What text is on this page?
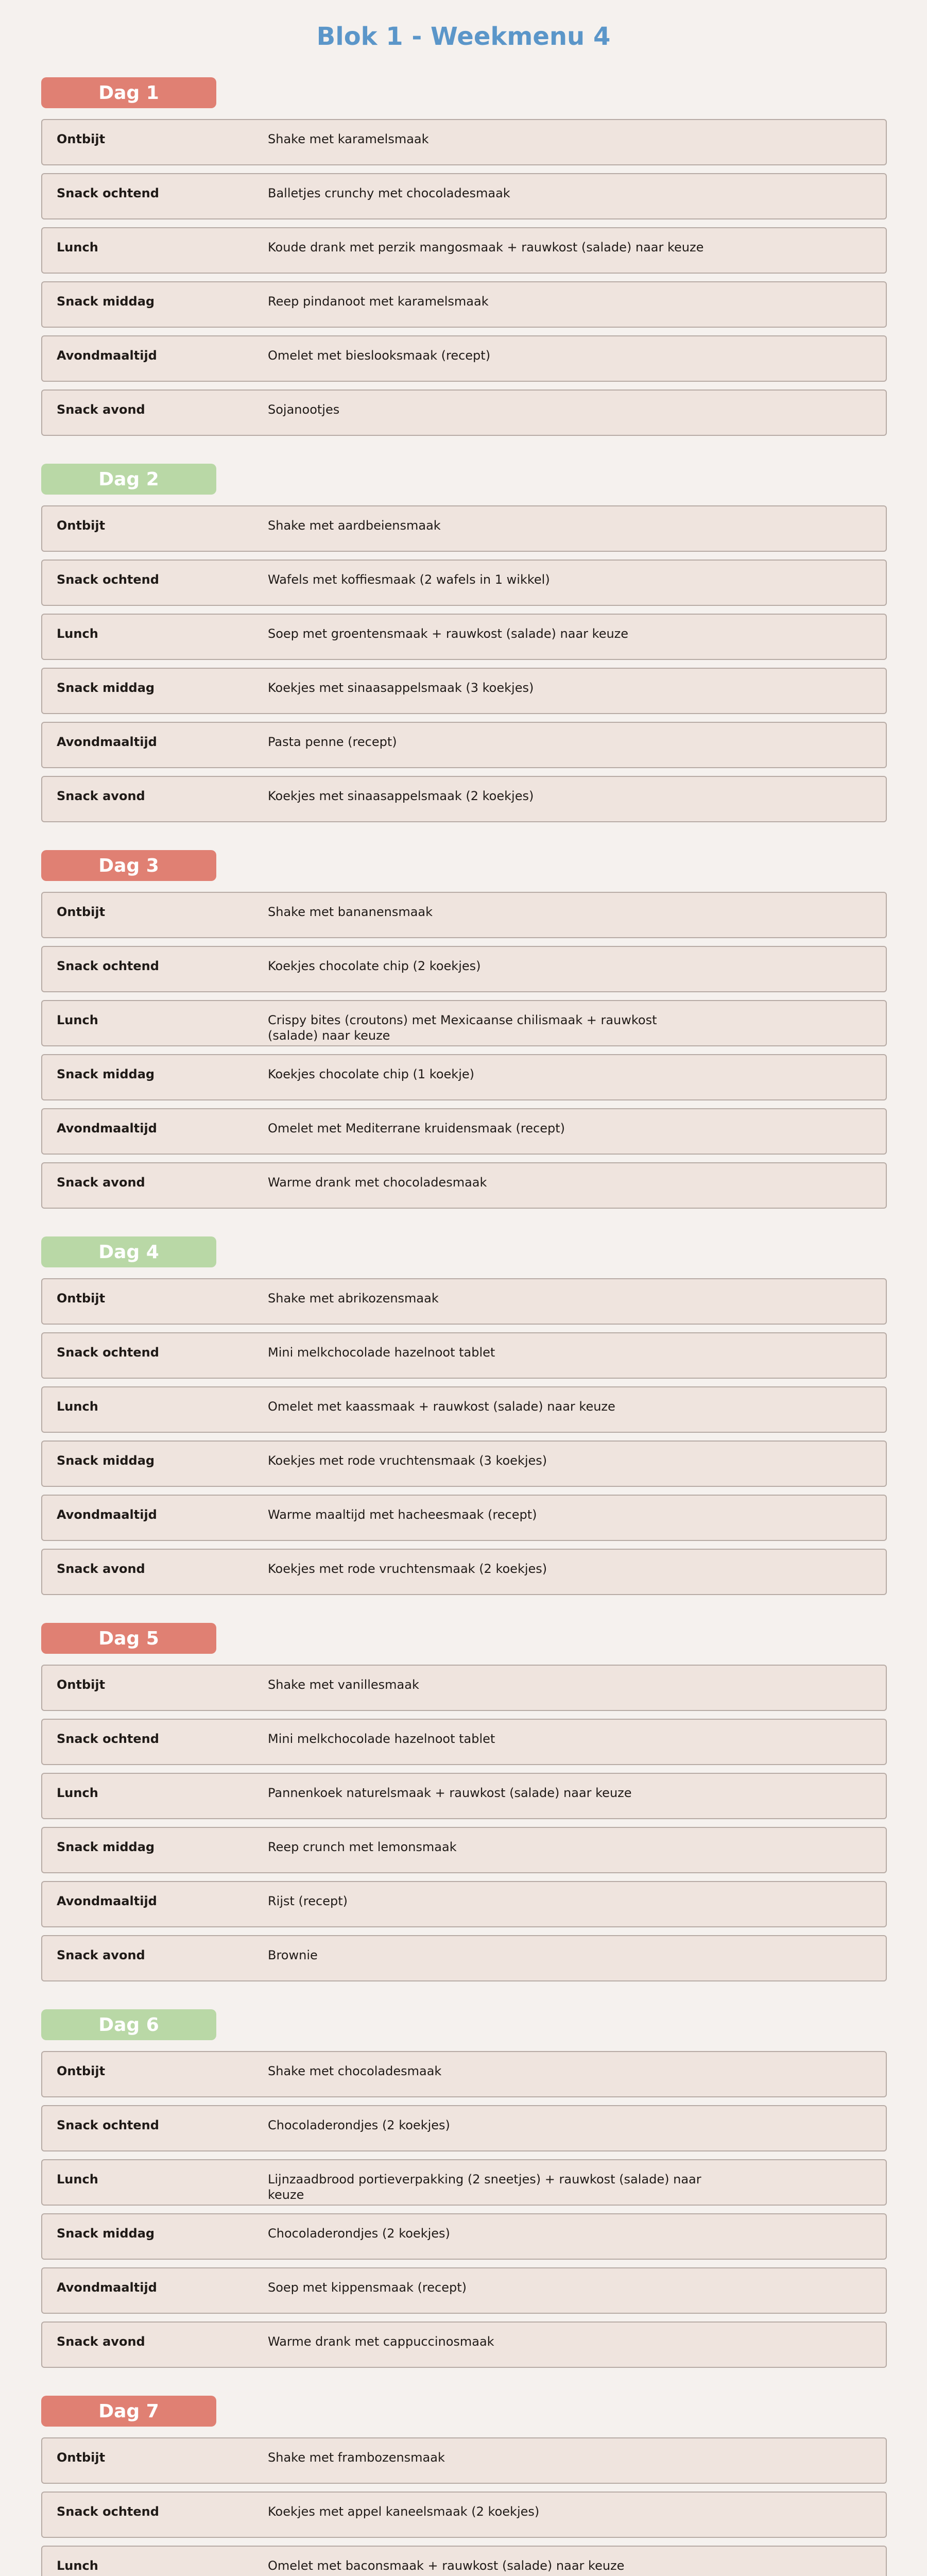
Blok 1 - Weekmenu 4
Dag 1
Ontbijt	Shake met karamelsmaak
Snack ochtend	Balletjes crunchy met chocoladesmaak
Lunch	Koude drank met perzik mangosmaak + rauwkost (salade) naar keuze
Snack middag	Reep pindanoot met karamelsmaak
Avondmaaltijd	Omelet met bieslooksmaak (recept)
Snack avond	Sojanootjes
Dag 2
Ontbijt	Shake met aardbeiensmaak
Snack ochtend	Wafels met koffiesmaak (2 wafels in 1 wikkel)
Lunch	Soep met groentensmaak + rauwkost (salade) naar keuze
Snack middag	Koekjes met sinaasappelsmaak (3 koekjes)
Avondmaaltijd	Pasta penne (recept)
Snack avond	Koekjes met sinaasappelsmaak (2 koekjes)
Dag 3
Ontbijt	Shake met bananensmaak
Snack ochtend	Koekjes chocolate chip (2 koekjes)
Lunch	Crispy bites (croutons) met Mexicaanse chilismaak + rauwkost (salade) naar keuze
Snack middag	Koekjes chocolate chip (1 koekje)
Avondmaaltijd	Omelet met Mediterrane kruidensmaak (recept)
Snack avond	Warme drank met chocoladesmaak
Dag 4
Ontbijt	Shake met abrikozensmaak
Snack ochtend	Mini melkchocolade hazelnoot tablet
Lunch	Omelet met kaassmaak + rauwkost (salade) naar keuze
Snack middag	Koekjes met rode vruchtensmaak (3 koekjes)
Avondmaaltijd	Warme maaltijd met hacheesmaak (recept)
Snack avond	Koekjes met rode vruchtensmaak (2 koekjes)
Dag 5
Ontbijt	Shake met vanillesmaak
Snack ochtend	Mini melkchocolade hazelnoot tablet
Lunch	Pannenkoek naturelsmaak + rauwkost (salade) naar keuze
Snack middag	Reep crunch met lemonsmaak
Avondmaaltijd	Rijst (recept)
Snack avond	Brownie
Dag 6
Ontbijt	Shake met chocoladesmaak
Snack ochtend	Chocoladerondjes (2 koekjes)
Lunch	Lijnzaadbrood portieverpakking (2 sneetjes) + rauwkost (salade) naar keuze
Snack middag	Chocoladerondjes (2 koekjes)
Avondmaaltijd	Soep met kippensmaak (recept)
Snack avond	Warme drank met cappuccinosmaak
Dag 7
Ontbijt	Shake met frambozensmaak
Snack ochtend	Koekjes met appel kaneelsmaak (2 koekjes)
Lunch	Omelet met baconsmaak + rauwkost (salade) naar keuze
